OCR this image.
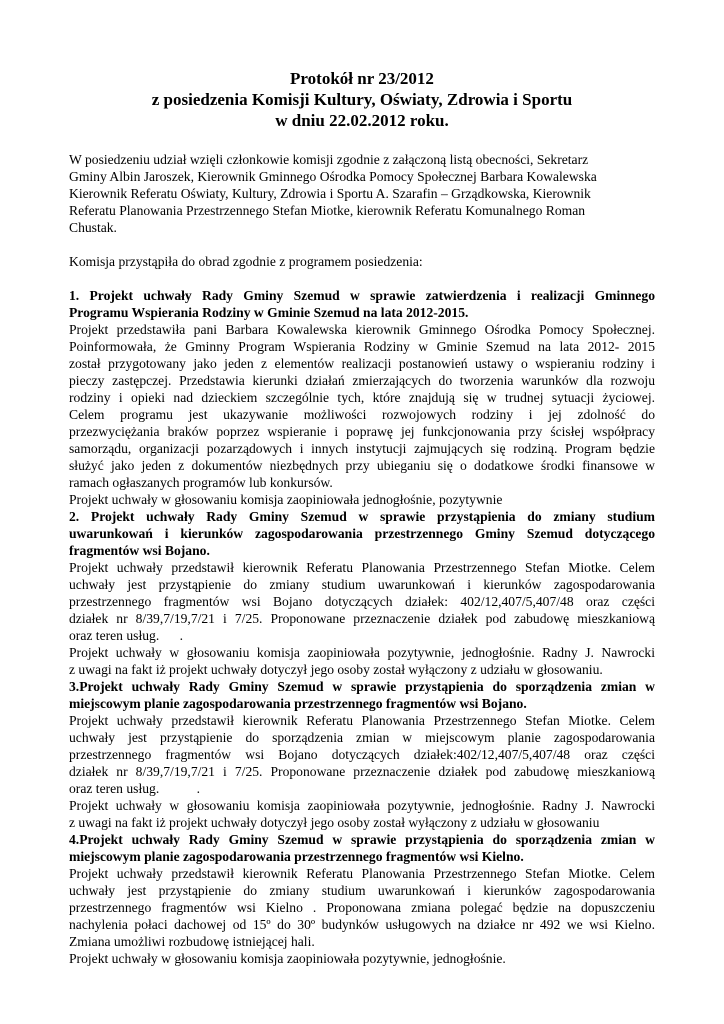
Protokół nr 23/2012
z posiedzenia Komisji Kultury, Oświaty, Zdrowia i Sportu
w dniu 22.02.2012 roku.
W posiedzeniu udział wzięli członkowie komisji zgodnie z załączoną listą obecności, Sekretarz
Gminy Albin Jaroszek, Kierownik Gminnego Ośrodka Pomocy Społecznej Barbara Kowalewska
Kierownik Referatu Oświaty, Kultury, Zdrowia i Sportu A. Szarafin – Grządkowska, Kierownik
Referatu Planowania Przestrzennego Stefan Miotke, kierownik Referatu Komunalnego Roman
Chustak.
Komisja przystąpiła do obrad zgodnie z programem posiedzenia:
1. Projekt uchwały Rady Gminy Szemud w sprawie zatwierdzenia i realizacji Gminnego
Programu Wspierania Rodziny w Gminie Szemud na lata 2012-2015.
Projekt przedstawiła pani Barbara Kowalewska kierownik Gminnego Ośrodka Pomocy Społecznej.
Poinformowała, że Gminny Program Wspierania Rodziny w Gminie Szemud na lata 2012- 2015
został przygotowany jako jeden z elementów realizacji postanowień ustawy o wspieraniu rodziny i
pieczy zastępczej. Przedstawia kierunki działań zmierzających do tworzenia warunków dla rozwoju
rodziny i opieki nad dzieckiem szczególnie tych, które znajdują się w trudnej sytuacji życiowej.
Celem programu jest ukazywanie możliwości rozwojowych rodziny i jej zdolność do
przezwyciężania braków poprzez wspieranie i poprawę jej funkcjonowania przy ścisłej współpracy
samorządu, organizacji pozarządowych i innych instytucji zajmujących się rodziną. Program będzie
służyć jako jeden z dokumentów niezbędnych przy ubieganiu się o dodatkowe środki finansowe w
ramach ogłaszanych programów lub konkursów.
Projekt uchwały w głosowaniu komisja zaopiniowała jednogłośnie, pozytywnie
2. Projekt uchwały Rady Gminy Szemud w sprawie przystąpienia do zmiany studium
uwarunkowań i kierunków zagospodarowania przestrzennego Gminy Szemud dotyczącego
fragmentów wsi Bojano.
Projekt uchwały przedstawił kierownik Referatu Planowania Przestrzennego Stefan Miotke. Celem
uchwały jest przystąpienie do zmiany studium uwarunkowań i kierunków zagospodarowania
przestrzennego fragmentów wsi Bojano dotyczących działek: 402/12,407/5,407/48 oraz części
działek nr 8/39,7/19,7/21 i 7/25. Proponowane przeznaczenie działek pod zabudowę mieszkaniową
oraz teren usług.      .
Projekt uchwały w głosowaniu komisja zaopiniowała pozytywnie, jednogłośnie. Radny J. Nawrocki
z uwagi na fakt iż projekt uchwały dotyczył jego osoby został wyłączony z udziału w głosowaniu.
3.Projekt uchwały Rady Gminy Szemud w sprawie przystąpienia do sporządzenia zmian w
miejscowym planie zagospodarowania przestrzennego fragmentów wsi Bojano.
Projekt uchwały przedstawił kierownik Referatu Planowania Przestrzennego Stefan Miotke. Celem
uchwały jest przystąpienie do sporządzenia zmian w miejscowym planie zagospodarowania
przestrzennego fragmentów wsi Bojano dotyczących działek:402/12,407/5,407/48 oraz części
działek nr 8/39,7/19,7/21 i 7/25. Proponowane przeznaczenie działek pod zabudowę mieszkaniową
oraz teren usług.           .
Projekt uchwały w głosowaniu komisja zaopiniowała pozytywnie, jednogłośnie. Radny J. Nawrocki
z uwagi na fakt iż projekt uchwały dotyczył jego osoby został wyłączony z udziału w głosowaniu
4.Projekt uchwały Rady Gminy Szemud w sprawie przystąpienia do sporządzenia zmian w
miejscowym planie zagospodarowania przestrzennego fragmentów wsi Kielno.
Projekt uchwały przedstawił kierownik Referatu Planowania Przestrzennego Stefan Miotke. Celem
uchwały jest przystąpienie do zmiany studium uwarunkowań i kierunków zagospodarowania
przestrzennego fragmentów wsi Kielno . Proponowana zmiana polegać będzie na dopuszczeniu
nachylenia połaci dachowej od 15º do 30º budynków usługowych na działce nr 492 we wsi Kielno.
Zmiana umożliwi rozbudowę istniejącej hali.
Projekt uchwały w głosowaniu komisja zaopiniowała pozytywnie, jednogłośnie.
